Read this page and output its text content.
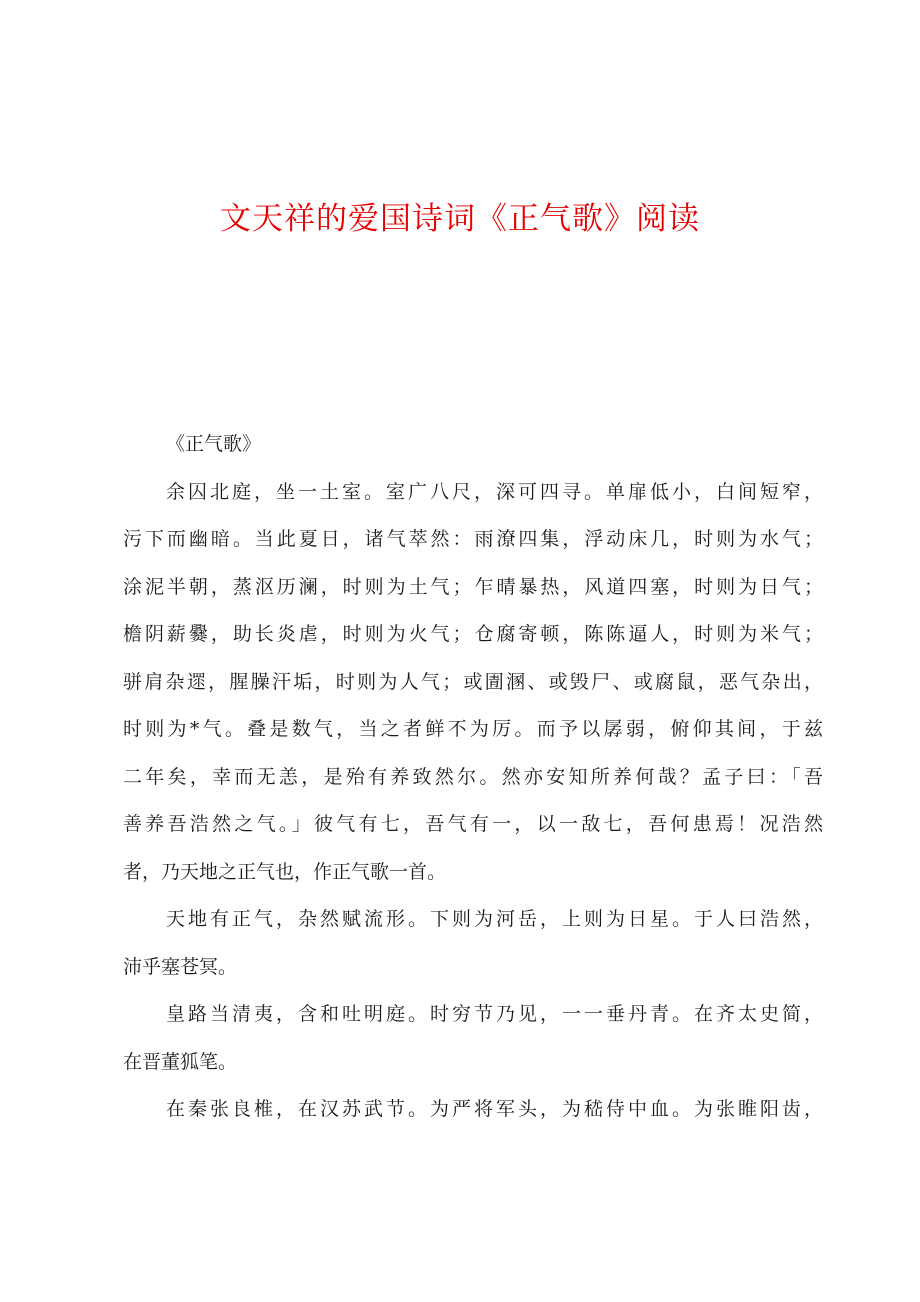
文天祥的爱国诗词《正气歌》阅读
《正气歌》
余囚北庭，坐一土室。室广八尺，深可四寻。单扉低小，白间短窄，
污下而幽暗。当此夏日，诸气萃然：雨潦四集，浮动床几，时则为水气；
涂泥半朝，蒸沤历澜，时则为土气；乍晴暴热，风道四塞，时则为日气；
檐阴薪爨，助长炎虐，时则为火气；仓腐寄顿，陈陈逼人，时则为米气；
骈肩杂遝，腥臊汗垢，时则为人气；或圊溷、或毁尸、或腐鼠，恶气杂出，
时则为*气。叠是数气，当之者鲜不为厉。而予以孱弱，俯仰其间，于兹
二年矣，幸而无恙，是殆有养致然尔。然亦安知所养何哉？孟子曰：「吾
善养吾浩然之气。」彼气有七，吾气有一，以一敌七，吾何患焉！况浩然
者，乃天地之正气也，作正气歌一首。
天地有正气，杂然赋流形。下则为河岳，上则为日星。于人曰浩然，
沛乎塞苍冥。
皇路当清夷，含和吐明庭。时穷节乃见，一一垂丹青。在齐太史简，
在晋董狐笔。
在秦张良椎，在汉苏武节。为严将军头，为嵇侍中血。为张睢阳齿，
